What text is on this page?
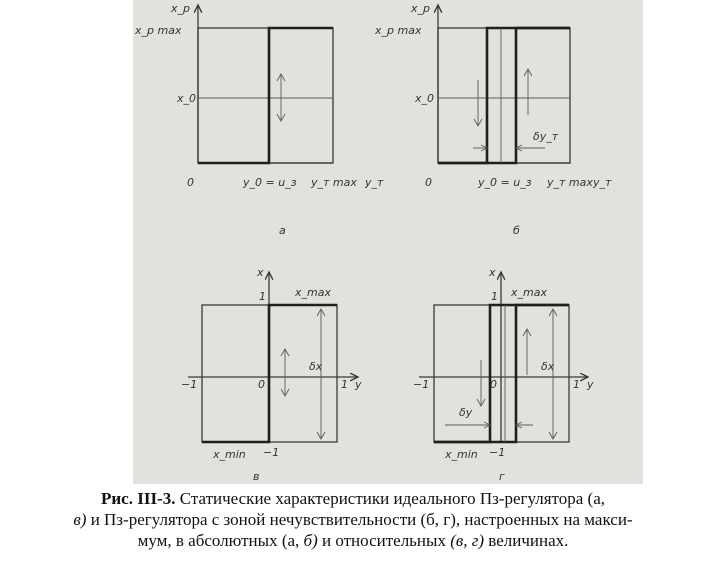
x_p
x_p max
x_0
0	y_0 = u_з y_т max y_т
а
x_p
x_p max
x_0
0	y_0 = u_з y_т max y_т
δy_т
б
x
1	x_max
δx
−1	0	1 y
x_min −1
в
x
1 x_max
δx
−1	0	1 y
δy
x_min −1
г
Рис. III-3. Статические характеристики идеального Пз-регулятора (а,
в) и Пз-регулятора с зоной нечувствительности (б, г), настроенных на макси-
мум, в абсолютных (а, б) и относительных (в, г) величинах.
